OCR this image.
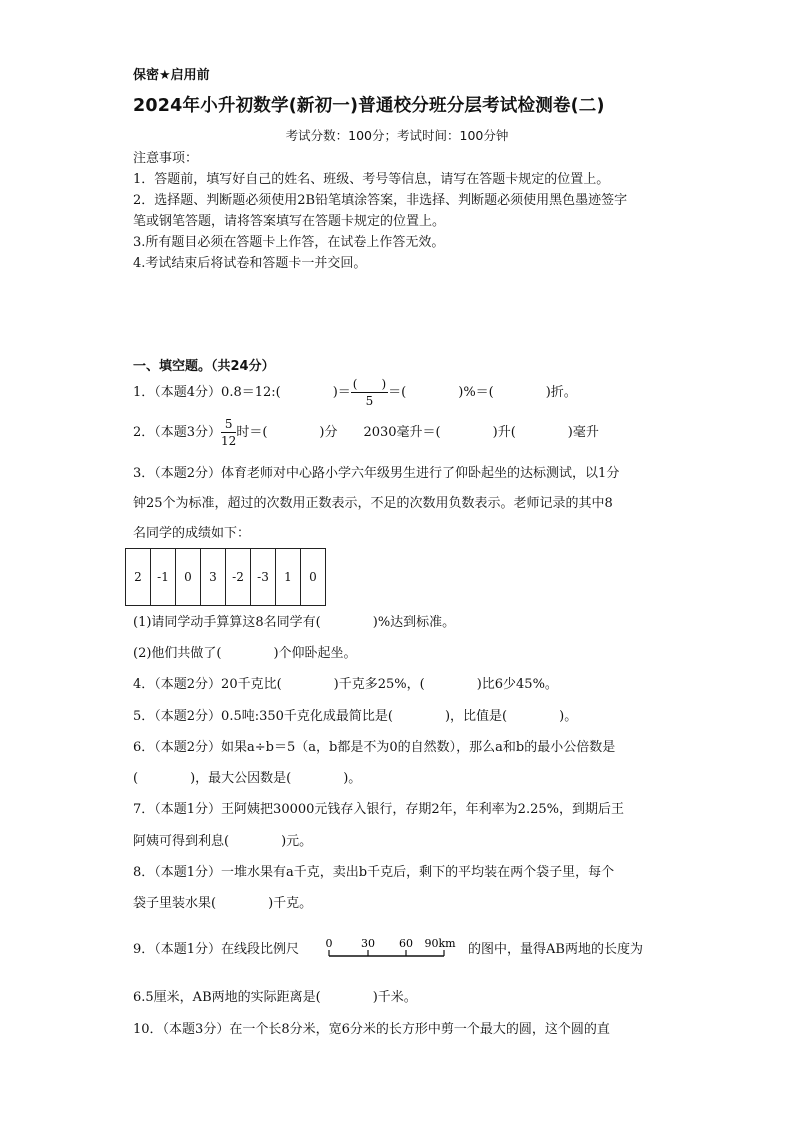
保密★启用前
2024年小升初数学(新初一)普通校分班分层考试检测卷(二)
考试分数：100分；考试时间：100分钟
注意事项：
1．答题前，填写好自己的姓名、班级、考号等信息，请写在答题卡规定的位置上。
2．选择题、判断题必须使用2B铅笔填涂答案，非选择、判断题必须使用黑色墨迹签字
笔或钢笔答题，请将答案填写在答题卡规定的位置上。
3.所有题目必须在答题卡上作答，在试卷上作答无效。
4.考试结束后将试卷和答题卡一并交回。
一、填空题。（共24分）
1．（本题4分）0.8＝12:(　　　　)＝ $\frac{( )}{5}$ ＝(　　　　)%＝(　　　　)折。
2．（本题3分） $\frac{5}{12}$ 时＝(　　　　)分　　2030毫升＝(　　　　)升(　　　　)毫升
3．（本题2分）体育老师对中心路小学六年级男生进行了仰卧起坐的达标测试，以1分
钟25个为标准，超过的次数用正数表示，不足的次数用负数表示。老师记录的其中8
名同学的成绩如下：
2	-1	0	3	-2	-3	1	0
(1)请同学动手算算这8名同学有(　　　　)%达到标准。
(2)他们共做了(　　　　)个仰卧起坐。
4．（本题2分）20千克比(　　　　)千克多25%，(　　　　)比6少45%。
5．（本题2分）0.5吨:350千克化成最简比是(　　　　)，比值是(　　　　)。
6．（本题2分）如果a÷b＝5（a，b都是不为0的自然数），那么a和b的最小公倍数是
(　　　　)，最大公因数是(　　　　)。
7．（本题1分）王阿姨把30000元钱存入银行，存期2年，年利率为2.25%，到期后王
阿姨可得到利息(　　　　)元。
8．（本题1分）一堆水果有a千克，卖出b千克后，剩下的平均装在两个袋子里，每个
袋子里装水果(　　　　)千克。
9．（本题1分）在线段比例尺 0	30 60 90km 的图中，量得AB两地的长度为
6.5厘米，AB两地的实际距离是(　　　　)千米。
10．（本题3分）在一个长8分米，宽6分米的长方形中剪一个最大的圆，这个圆的直
